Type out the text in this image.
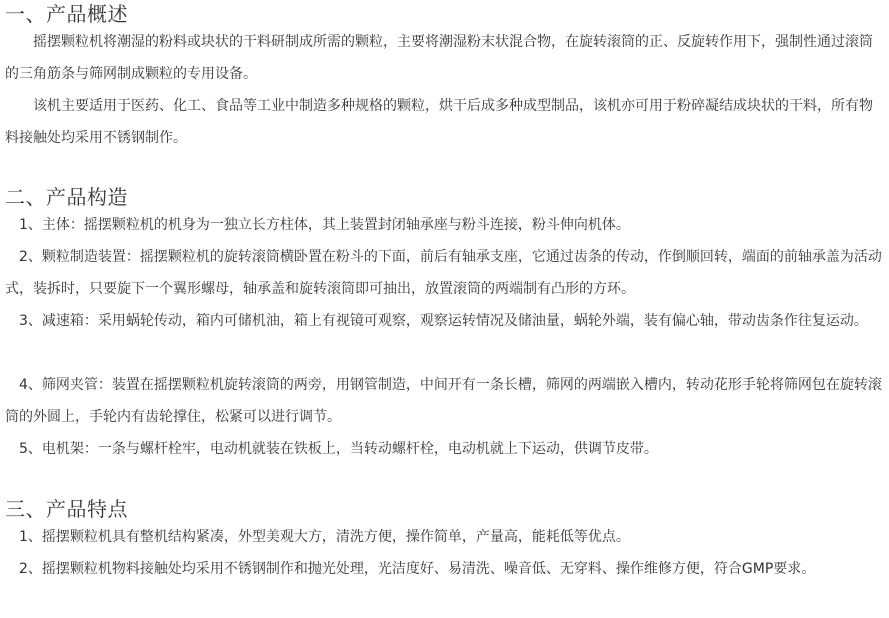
一、产品概述
　　摇摆颗粒机将潮湿的粉料或块状的干料研制成所需的颗粒，主要将潮湿粉末状混合物，在旋转滚筒的正、反旋转作用下，强制性通过滚筒的三角筋条与筛网制成颗粒的专用设备。
　　该机主要适用于医药、化工、食品等工业中制造多种规格的颗粒，烘干后成多种成型制品，该机亦可用于粉碎凝结成块状的干料，所有物料接触处均采用不锈钢制作。
二、产品构造
　1、主体：摇摆颗粒机的机身为一独立长方柱体，其上装置封闭轴承座与粉斗连接，粉斗伸向机体。
　2、颗粒制造装置：摇摆颗粒机的旋转滚筒横卧置在粉斗的下面，前后有轴承支座，它通过齿条的传动，作倒顺回转，端面的前轴承盖为活动式，装拆时，只要旋下一个翼形螺母，轴承盖和旋转滚筒即可抽出，放置滚筒的两端制有凸形的方环。
　3、减速箱：采用蜗轮传动，箱内可储机油，箱上有视镜可观察，观察运转情况及储油量，蜗轮外端，装有偏心轴，带动齿条作往复运动。
　4、筛网夹管：装置在摇摆颗粒机旋转滚筒的两旁，用钢管制造，中间开有一条长槽，筛网的两端嵌入槽内，转动花形手轮将筛网包在旋转滚筒的外圆上，手轮内有齿轮撑住，松紧可以进行调节。
　5、电机架：一条与螺杆栓牢，电动机就装在铁板上，当转动螺杆栓，电动机就上下运动，供调节皮带。
三、产品特点
　1、摇摆颗粒机具有整机结构紧凑，外型美观大方，清洗方便，操作简单，产量高，能耗低等优点。
　2、摇摆颗粒机物料接触处均采用不锈钢制作和抛光处理，光洁度好、易清洗、噪音低、无穿料、操作维修方便，符合GMP要求。
